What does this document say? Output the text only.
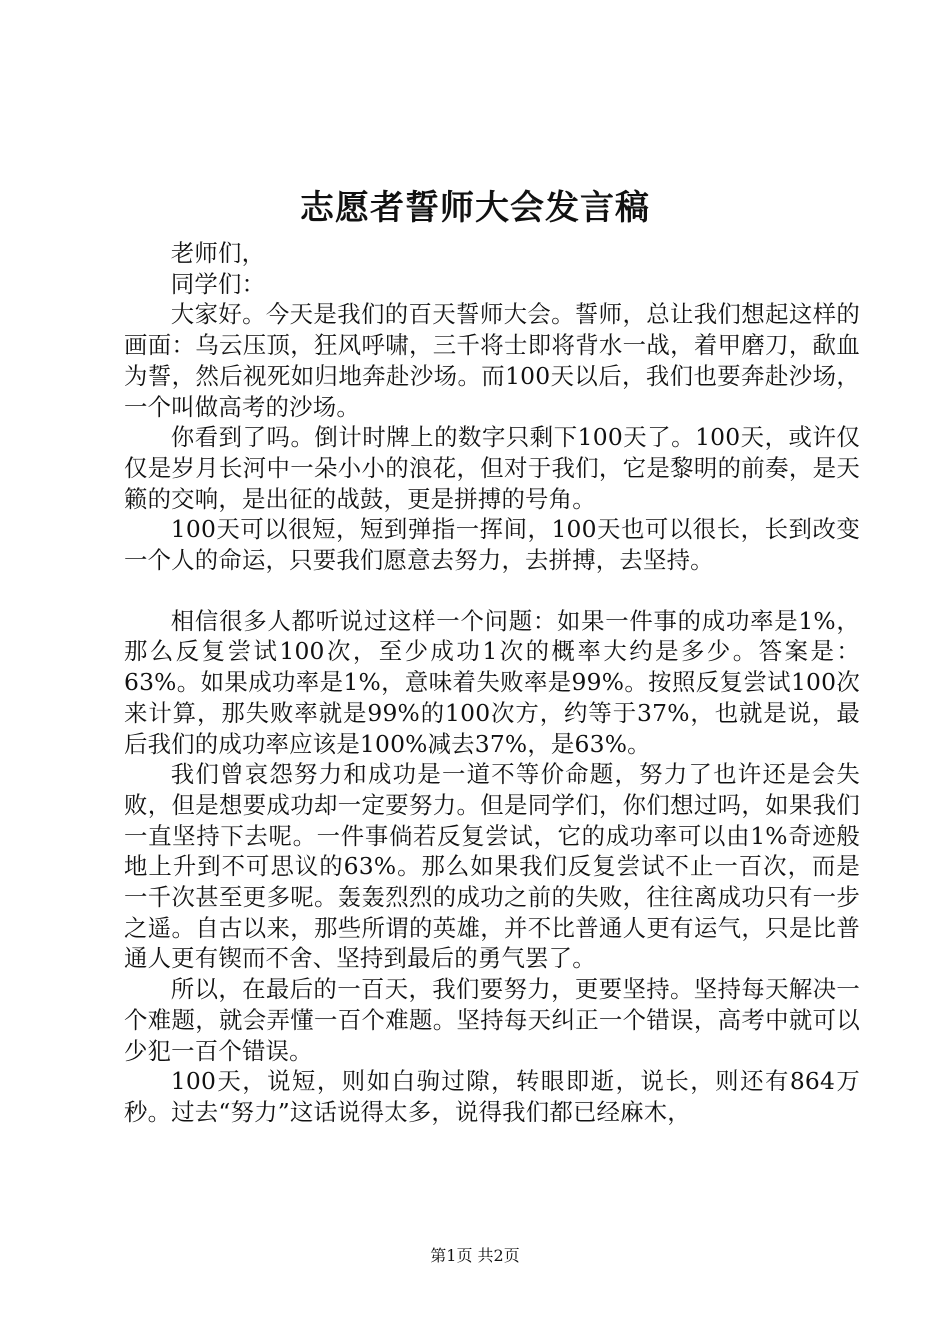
志愿者誓师大会发言稿

老师们，

同学们：

大家好。今天是我们的百天誓师大会。誓师，总让我们想起这样的画面：乌云压顶，狂风呼啸，三千将士即将背水一战，着甲磨刀，歃血为誓，然后视死如归地奔赴沙场。而100天以后，我们也要奔赴沙场，一个叫做高考的沙场。

你看到了吗。倒计时牌上的数字只剩下100天了。100天，或许仅仅是岁月长河中一朵小小的浪花，但对于我们，它是黎明的前奏，是天籁的交响，是出征的战鼓，更是拼搏的号角。

100天可以很短，短到弹指一挥间，100天也可以很长，长到改变一个人的命运，只要我们愿意去努力，去拼搏，去坚持。

相信很多人都听说过这样一个问题：如果一件事的成功率是1%，那么反复尝试100次，至少成功1次的概率大约是多少。答案是：63%。如果成功率是1%，意味着失败率是99%。按照反复尝试100次来计算，那失败率就是99%的100次方，约等于37%，也就是说，最后我们的成功率应该是100%减去37%，是63%。

我们曾哀怨努力和成功是一道不等价命题，努力了也许还是会失败，但是想要成功却一定要努力。但是同学们，你们想过吗，如果我们一直坚持下去呢。一件事倘若反复尝试，它的成功率可以由1%奇迹般地上升到不可思议的63%。那么如果我们反复尝试不止一百次，而是一千次甚至更多呢。轰轰烈烈的成功之前的失败，往往离成功只有一步之遥。自古以来，那些所谓的英雄，并不比普通人更有运气，只是比普通人更有锲而不舍、坚持到最后的勇气罢了。

所以，在最后的一百天，我们要努力，更要坚持。坚持每天解决一个难题，就会弄懂一百个难题。坚持每天纠正一个错误，高考中就可以少犯一百个错误。

100天，说短，则如白驹过隙，转眼即逝，说长，则还有864万秒。过去“努力”这话说得太多，说得我们都已经麻木，

第1页 共2页
